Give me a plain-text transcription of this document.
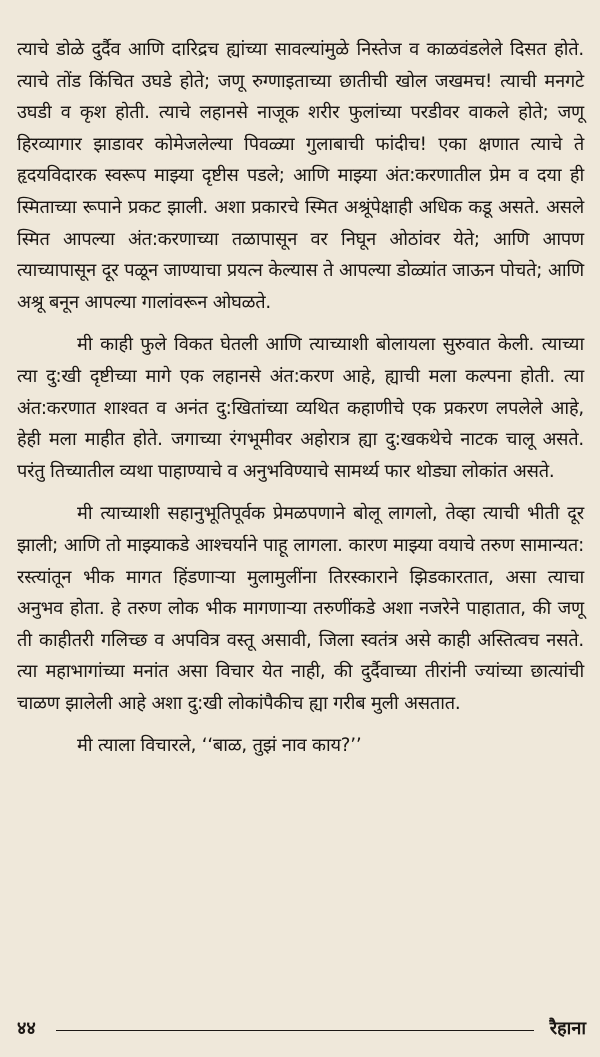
त्याचे डोळे दुर्दैव आणि दारिद्रच ह्यांच्या सावल्यांमुळे निस्तेज व काळवंडलेले दिसत होते. त्याचे तोंड किंचित उघडे होते; जणू रुग्णाइताच्या छातीची खोल जखमच! त्याची मनगटे उघडी व कृश होती. त्याचे लहानसे नाजूक शरीर फुलांच्या परडीवर वाकले होते; जणू हिरव्यागार झाडावर कोमेजलेल्या पिवळ्या गुलाबाची फांदीच! एका क्षणात त्याचे ते हृदयविदारक स्वरूप माझ्या दृष्टीस पडले; आणि माझ्या अंत:करणातील प्रेम व दया ही स्मिताच्या रूपाने प्रकट झाली. अशा प्रकारचे स्मित अश्रूंपेक्षाही अधिक कडू असते. असले स्मित आपल्या अंत:करणाच्या तळापासून वर निघून ओठांवर येते; आणि आपण त्याच्यापासून दूर पळून जाण्याचा प्रयत्न केल्यास ते आपल्या डोळ्यांत जाऊन पोचते; आणि अश्रू बनून आपल्या गालांवरून ओघळते.

मी काही फुले विकत घेतली आणि त्याच्याशी बोलायला सुरुवात केली. त्याच्या त्या दु:खी दृष्टीच्या मागे एक लहानसे अंत:करण आहे, ह्याची मला कल्पना होती. त्या अंत:करणात शाश्वत व अनंत दु:खितांच्या व्यथित कहाणीचे एक प्रकरण लपलेले आहे, हेही मला माहीत होते. जगाच्या रंगभूमीवर अहोरात्र ह्या दु:खकथेचे नाटक चालू असते. परंतु तिच्यातील व्यथा पाहाण्याचे व अनुभविण्याचे सामर्थ्य फार थोड्या लोकांत असते.

मी त्याच्याशी सहानुभूतिपूर्वक प्रेमळपणाने बोलू लागलो, तेव्हा त्याची भीती दूर झाली; आणि तो माझ्याकडे आश्चर्याने पाहू लागला. कारण माझ्या वयाचे तरुण सामान्यत: रस्त्यांतून भीक मागत हिंडणाऱ्या मुलामुलींना तिरस्काराने झिडकारतात, असा त्याचा अनुभव होता. हे तरुण लोक भीक मागणाऱ्या तरुणींकडे अशा नजरेने पाहातात, की जणू ती काहीतरी गलिच्छ व अपवित्र वस्तू असावी, जिला स्वतंत्र असे काही अस्तित्वच नसते. त्या महाभागांच्या मनांत असा विचार येत नाही, की दुर्दैवाच्या तीरांनी ज्यांच्या छात्यांची चाळण झालेली आहे अशा दु:खी लोकांपैकीच ह्या गरीब मुली असतात.

मी त्याला विचारले, ‘‘बाळ, तुझं नाव काय?’’

४४	रैहाना
